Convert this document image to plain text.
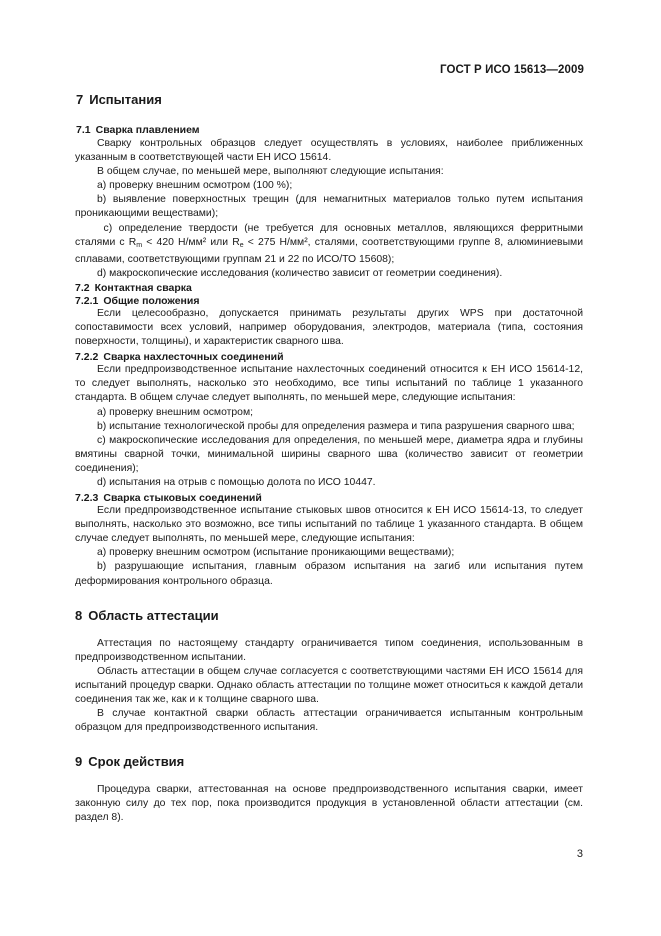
ГОСТ Р ИСО 15613—2009
7 Испытания
7.1 Сварка плавлением

Сварку контрольных образцов следует осуществлять в условиях, наиболее приближенных указанным в соответствующей части ЕН ИСО 15614.

В общем случае, по меньшей мере, выполняют следующие испытания:

a) проверку внешним осмотром (100 %);

b) выявление поверхностных трещин (для немагнитных материалов только путем испытания проникающими веществами);

c) определение твердости (не требуется для основных металлов, являющихся ферритными сталями с $R_m < 420$ Н/мм² или $R_e < 275$ Н/мм², сталями, соответствующими группе 8, алюминиевыми сплавами, соответствующими группам 21 и 22 по ИСО/ТО 15608);

d) макроскопические исследования (количество зависит от геометрии соединения).

7.2 Контактная сварка
7.2.1 Общие положения

Если целесообразно, допускается принимать результаты других WPS при достаточной сопоставимости всех условий, например оборудования, электродов, материала (типа, состояния поверхности, толщины), и характеристик сварного шва.

7.2.2 Сварка нахлесточных соединений

Если предпроизводственное испытание нахлесточных соединений относится к ЕН ИСО 15614-12, то следует выполнять, насколько это необходимо, все типы испытаний по таблице 1 указанного стандарта. В общем случае следует выполнять, по меньшей мере, следующие испытания:

a) проверку внешним осмотром;

b) испытание технологической пробы для определения размера и типа разрушения сварного шва;

c) макроскопические исследования для определения, по меньшей мере, диаметра ядра и глубины вмятины сварной точки, минимальной ширины сварного шва (количество зависит от геометрии соединения);

d) испытания на отрыв с помощью долота по ИСО 10447.

7.2.3 Сварка стыковых соединений

Если предпроизводственное испытание стыковых швов относится к ЕН ИСО 15614-13, то следует выполнять, насколько это возможно, все типы испытаний по таблице 1 указанного стандарта. В общем случае следует выполнять, по меньшей мере, следующие испытания:

a) проверку внешним осмотром (испытание проникающими веществами);

b) разрушающие испытания, главным образом испытания на загиб или испытания путем деформирования контрольного образца.

8 Область аттестации

Аттестация по настоящему стандарту ограничивается типом соединения, использованным в предпроизводственном испытании.

Область аттестации в общем случае согласуется с соответствующими частями ЕН ИСО 15614 для испытаний процедур сварки. Однако область аттестации по толщине может относиться к каждой детали соединения так же, как и к толщине сварного шва.

В случае контактной сварки область аттестации ограничивается испытанным контрольным образцом для предпроизводственного испытания.

9 Срок действия

Процедура сварки, аттестованная на основе предпроизводственного испытания сварки, имеет законную силу до тех пор, пока производится продукция в установленной области аттестации (см. раздел 8).

3
